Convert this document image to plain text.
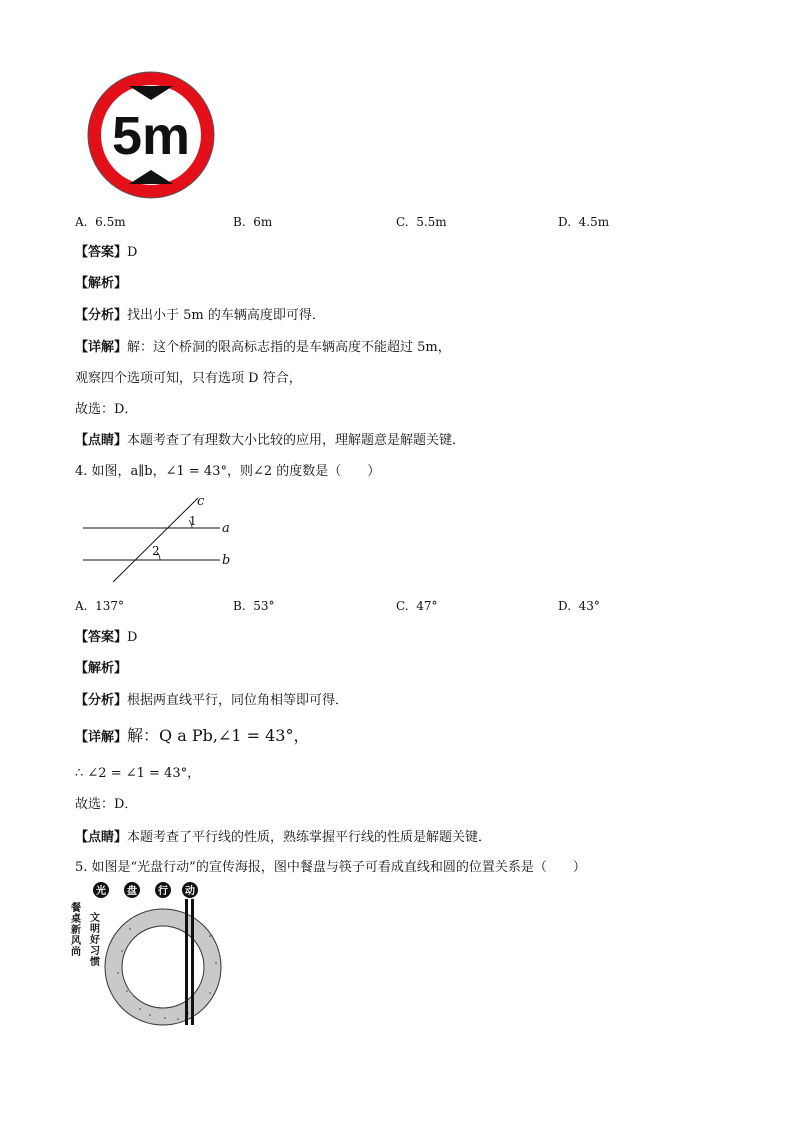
5m
A. 6.5m	B. 6m	C. 5.5m	D. 4.5m
【答案】D
【解析】
【分析】找出小于 5m 的车辆高度即可得．
【详解】解：这个桥洞的限高标志指的是车辆高度不能超过 5m，
观察四个选项可知，只有选项 D 符合，
故选：D．
【点睛】本题考查了有理数大小比较的应用，理解题意是解题关键．
4. 如图，a∥b，∠1 = 43°，则∠2 的度数是（　　）
c
a
b
1
2
A. 137°	B. 53°	C. 47°	D. 43°
【答案】D
【解析】
【分析】根据两直线平行，同位角相等即可得．
【详解】解：Q a Pb,∠1 = 43°，
∴ ∠2 = ∠1 = 43°，
故选：D．
【点睛】本题考查了平行线的性质，熟练掌握平行线的性质是解题关键．
5. 如图是“光盘行动”的宣传海报，图中餐盘与筷子可看成直线和圆的位置关系是（　　）
光 盘 行 动
餐桌新风尚
文明好习惯
